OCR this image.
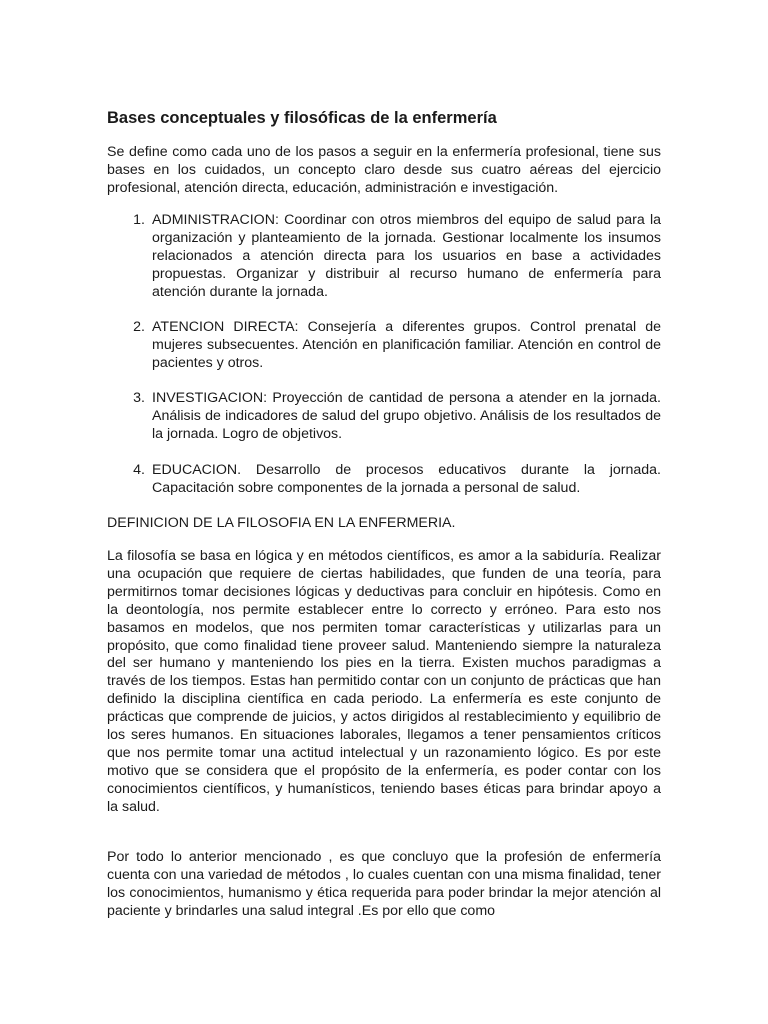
Bases conceptuales y filosóficas de la enfermería

Se define como cada uno de los pasos a seguir en la enfermería profesional, tiene sus bases en los cuidados, un concepto claro desde sus cuatro aéreas del ejercicio profesional, atención directa, educación, administración e investigación.

1. ADMINISTRACION: Coordinar con otros miembros del equipo de salud para la organización y planteamiento de la jornada. Gestionar localmente los insumos relacionados a atención directa para los usuarios en base a actividades propuestas. Organizar y distribuir al recurso humano de enfermería para atención durante la jornada.
2. ATENCION DIRECTA: Consejería a diferentes grupos. Control prenatal de mujeres subsecuentes. Atención en planificación familiar. Atención en control de pacientes y otros.
3. INVESTIGACION: Proyección de cantidad de persona a atender en la jornada. Análisis de indicadores de salud del grupo objetivo. Análisis de los resultados de la jornada. Logro de objetivos.
4. EDUCACION. Desarrollo de procesos educativos durante la jornada. Capacitación sobre componentes de la jornada a personal de salud.

DEFINICION DE LA FILOSOFIA EN LA ENFERMERIA.

La filosofía se basa en lógica y en métodos científicos, es amor a la sabiduría. Realizar una ocupación que requiere de ciertas habilidades, que funden de una teoría, para permitirnos tomar decisiones lógicas y deductivas para concluir en hipótesis. Como en la deontología, nos permite establecer entre lo correcto y erróneo. Para esto nos basamos en modelos, que nos permiten tomar características y utilizarlas para un propósito, que como finalidad tiene proveer salud. Manteniendo siempre la naturaleza del ser humano y manteniendo los pies en la tierra. Existen muchos paradigmas a través de los tiempos. Estas han permitido contar con un conjunto de prácticas que han definido la disciplina científica en cada periodo. La enfermería es este conjunto de prácticas que comprende de juicios, y actos dirigidos al restablecimiento y equilibrio de los seres humanos. En situaciones laborales, llegamos a tener pensamientos críticos que nos permite tomar una actitud intelectual y un razonamiento lógico. Es por este motivo que se considera que el propósito de la enfermería, es poder contar con los conocimientos científicos, y humanísticos, teniendo bases éticas para brindar apoyo a la salud.

Por todo lo anterior mencionado , es que concluyo que la profesión de enfermería cuenta con una variedad de métodos , lo cuales cuentan con una misma finalidad, tener los conocimientos, humanismo y ética requerida para poder brindar la mejor atención al paciente y brindarles una salud integral .Es por ello que como
